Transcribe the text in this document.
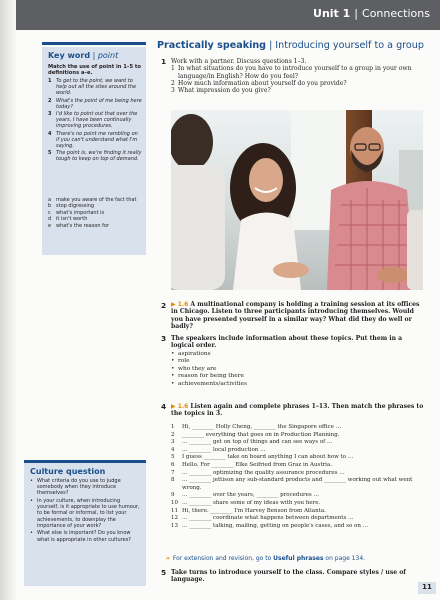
Unit 1 | Connections
Key word | point
Match the use of point in 1–5 to definitions a–e.
1 To get to the point, we want to help out all the sites around the world.
2 What's the point of me being here today?
3 I'd like to point out that over the years, I have been continually improving procedures.
4 There's no point me rambling on if you can't understand what I'm saying.
5 The point is, we're finding it really tough to keep on top of demand.
a make you aware of the fact that
b stop digressing
c what's important is
d it isn't worth
e what's the reason for
Culture question
• What criteria do you use to judge somebody when they introduce themselves?
• In your culture, when introducing yourself, is it appropriate to use humour, to be formal or informal, to list your achievements, to downplay the importance of your work?
• What else is important? Do you know what is appropriate in other cultures?
Practically speaking | Introducing yourself to a group
1 Work with a partner. Discuss questions 1–3.
1 In what situations do you have to introduce yourself to a group in your own language/in English? How do you feel?
2 How much information about yourself do you provide?
3 What impression do you give?
2 ▶ 1.6 A multinational company is holding a training session at its offices in Chicago. Listen to three participants introducing themselves. Would you have presented yourself in a similar way? What did they do well or badly?
3 The speakers include information about these topics. Put them in a logical order.
• aspirations
• role
• who they are
• reason for being there
• achievements/activities
4 ▶ 1.6 Listen again and complete phrases 1–13. Then match the phrases to the topics in 3.
1 Hi, ________ Holly Cheng, ________ the Singapore office …
2 ________ everything that goes on in Production Planning.
3 … ________ get on top of things and can see ways of …
4 … ________ local production …
5 I guess ________ take on board anything I can about how to …
6 Hello. For ________ Elke Seifried from Graz in Austria.
7 … ________ optimizing the quality assurance procedures …
8 … ________ jettison any sub-standard products and ________ working out what went wrong.
9 … ________ over the years, ________ procedures …
10 … ________ share some of my ideas with you here.
11 Hi, there. ________ I'm Harvey Benson from Atlanta.
12 … ________ coordinate what happens between departments …
13 … ________ talking, mailing, getting on people's cases, and so on …
» For extension and revision, go to Useful phrases on page 134.
5 Take turns to introduce yourself to the class. Compare styles / use of language.
11
